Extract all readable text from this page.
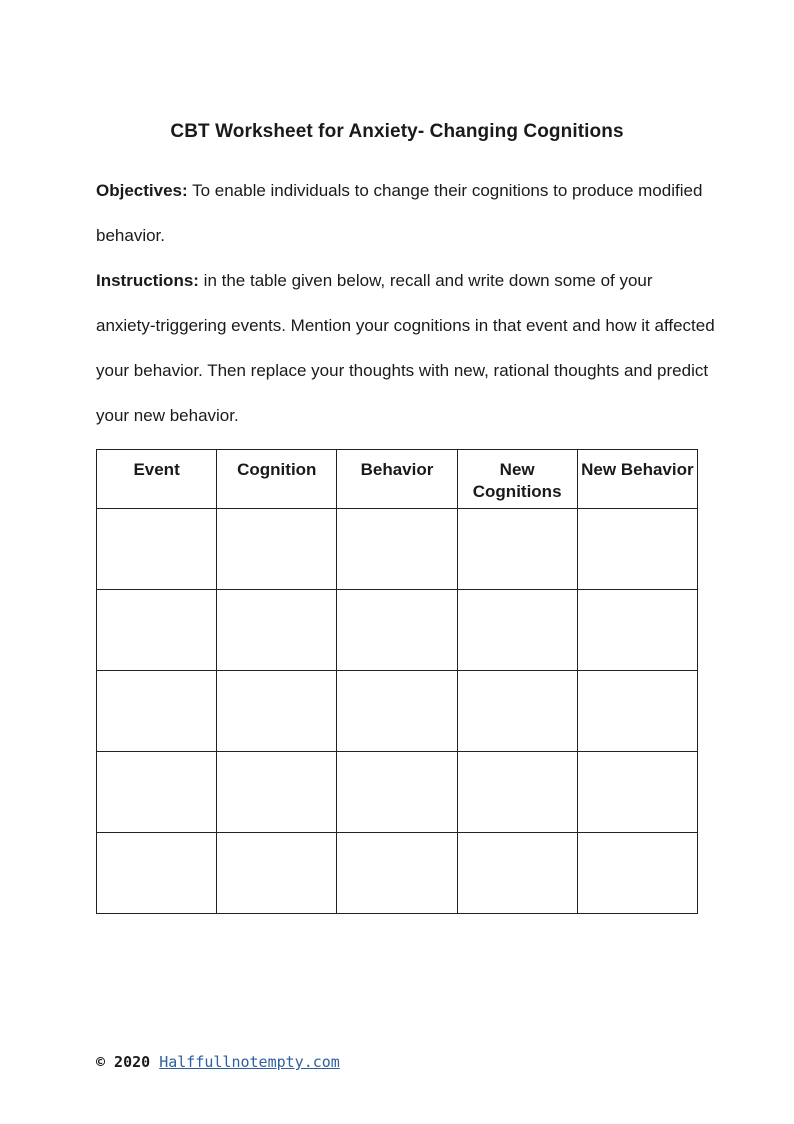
CBT Worksheet for Anxiety- Changing Cognitions
Objectives: To enable individuals to change their cognitions to produce modified behavior.
Instructions: in the table given below, recall and write down some of your anxiety-triggering events. Mention your cognitions in that event and how it affected your behavior. Then replace your thoughts with new, rational thoughts and predict your new behavior.
Event	Cognition	Behavior	New Cognitions	New Behavior

© 2020 Halffullnotempty.com
